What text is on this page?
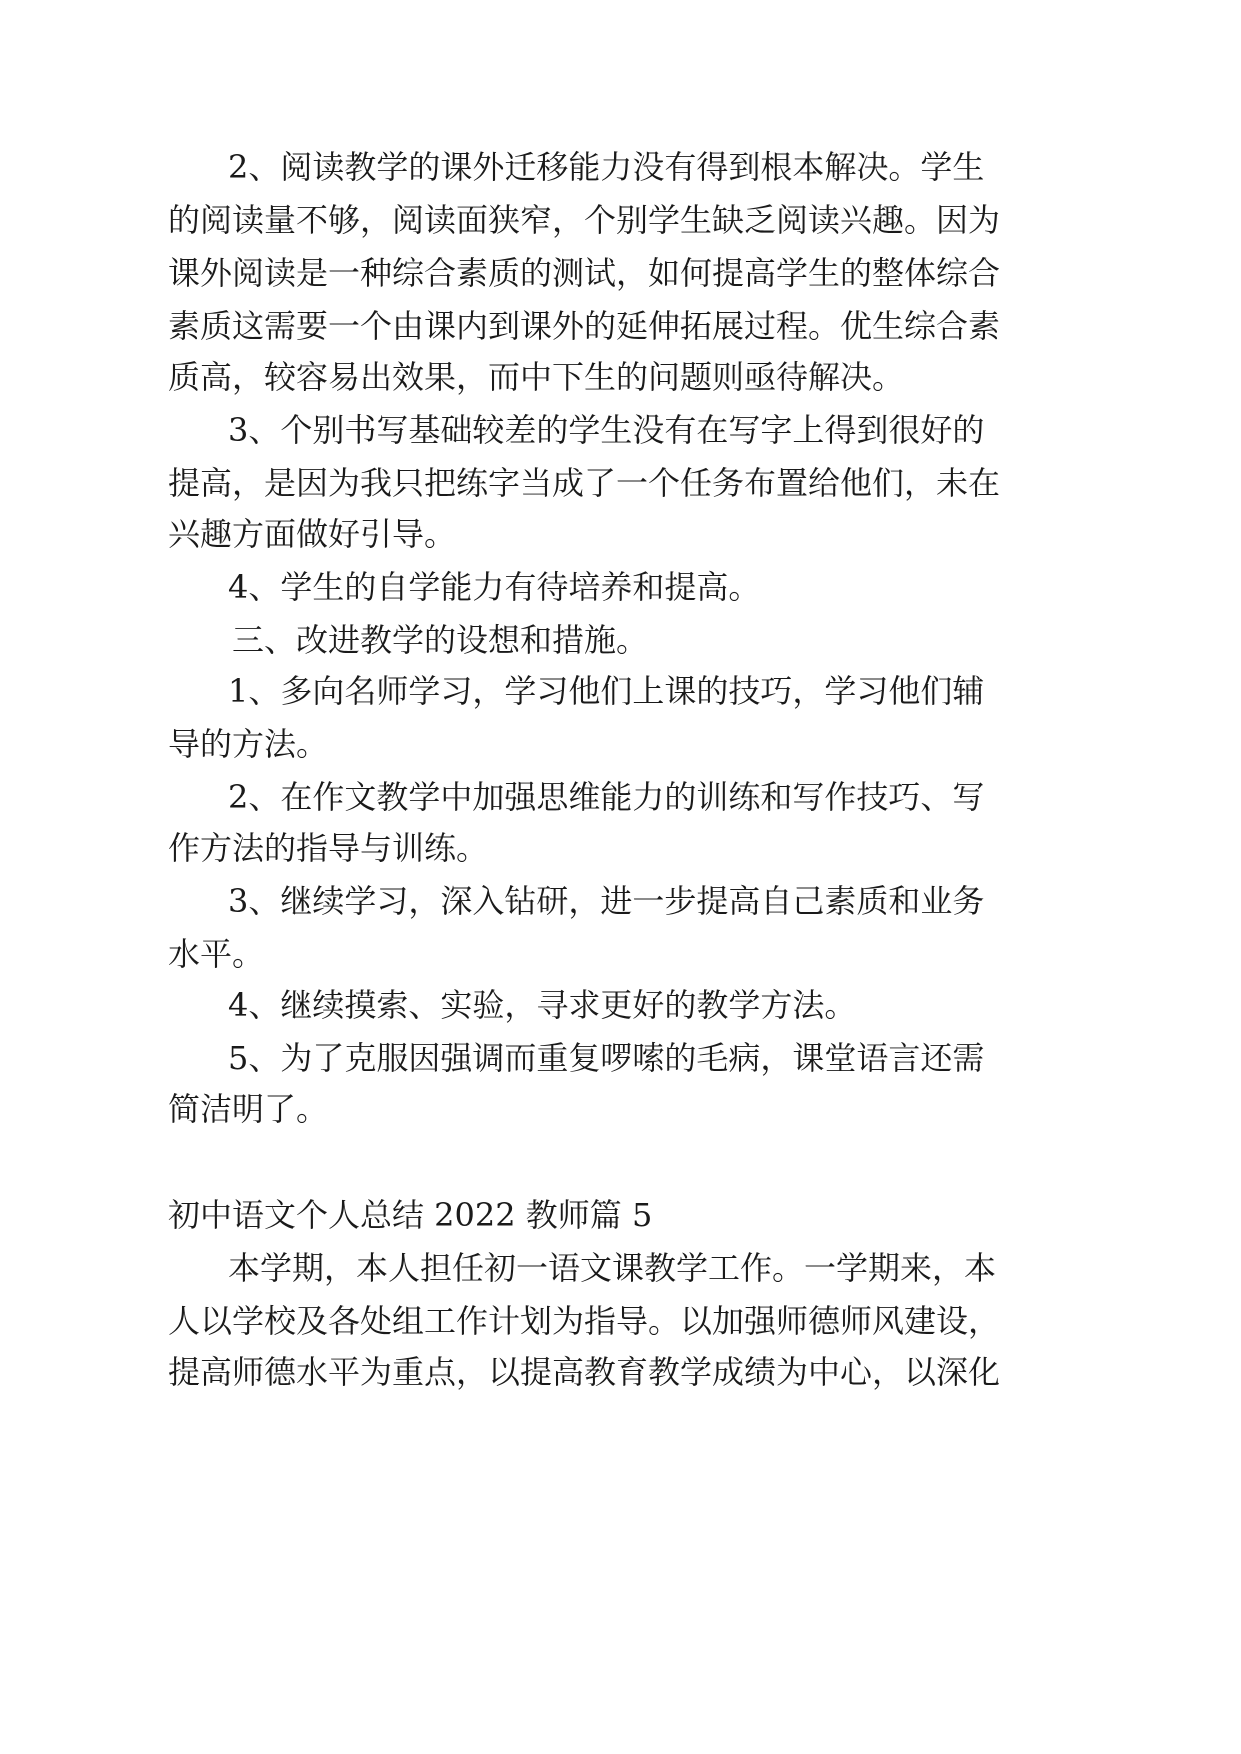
2、阅读教学的课外迁移能力没有得到根本解决。学生
的阅读量不够，阅读面狭窄，个别学生缺乏阅读兴趣。因为
课外阅读是一种综合素质的测试，如何提高学生的整体综合
素质这需要一个由课内到课外的延伸拓展过程。优生综合素
质高，较容易出效果，而中下生的问题则亟待解决。
3、个别书写基础较差的学生没有在写字上得到很好的
提高，是因为我只把练字当成了一个任务布置给他们，未在
兴趣方面做好引导。
4、学生的自学能力有待培养和提高。
三、改进教学的设想和措施。
1、多向名师学习，学习他们上课的技巧，学习他们辅
导的方法。
2、在作文教学中加强思维能力的训练和写作技巧、写
作方法的指导与训练。
3、继续学习，深入钻研，进一步提高自己素质和业务
水平。
4、继续摸索、实验，寻求更好的教学方法。
5、为了克服因强调而重复啰嗦的毛病，课堂语言还需
简洁明了。
初中语文个人总结 2022 教师篇 5
本学期，本人担任初一语文课教学工作。一学期来，本
人以学校及各处组工作计划为指导。以加强师德师风建设，
提高师德水平为重点，以提高教育教学成绩为中心，以深化
